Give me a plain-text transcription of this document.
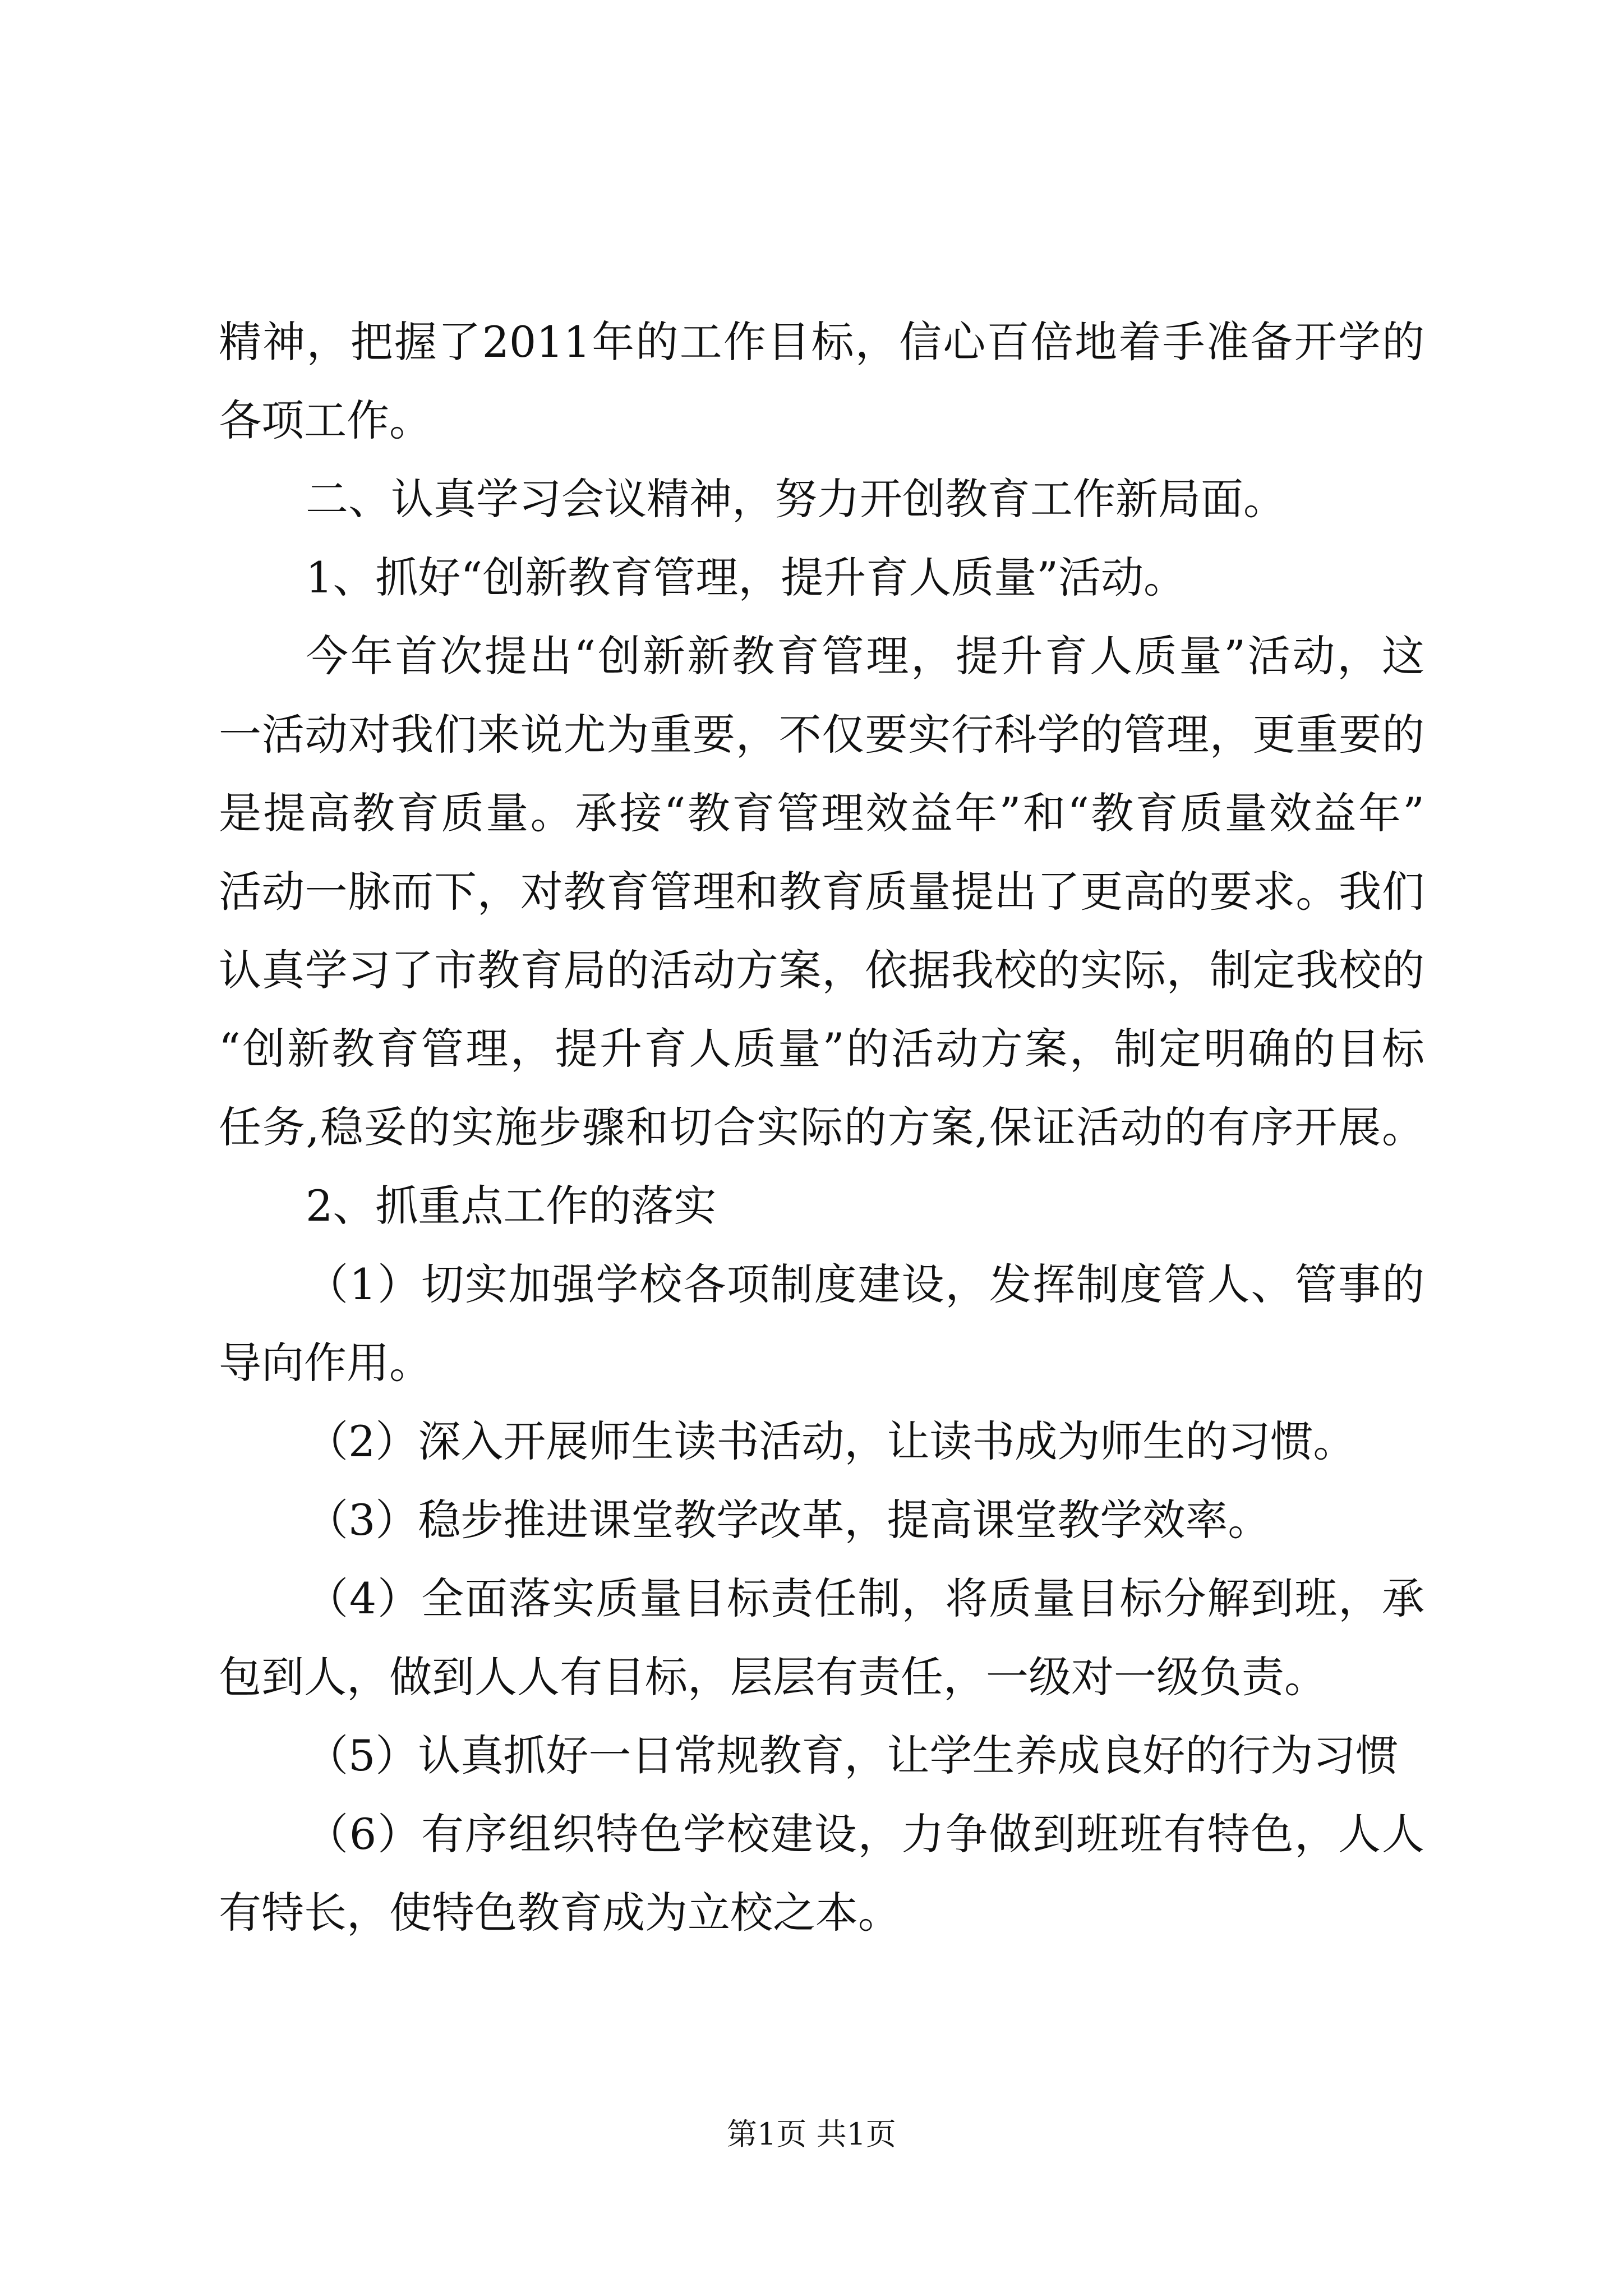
精神，把握了2011年的工作目标，信心百倍地着手准备开学的
各项工作。
二、认真学习会议精神，努力开创教育工作新局面。
1、抓好“创新教育管理，提升育人质量”活动。
今年首次提出“创新新教育管理，提升育人质量”活动，这
一活动对我们来说尤为重要，不仅要实行科学的管理，更重要的
是提高教育质量。承接“教育管理效益年”和“教育质量效益年”
活动一脉而下，对教育管理和教育质量提出了更高的要求。我们
认真学习了市教育局的活动方案，依据我校的实际，制定我校的
“创新教育管理，提升育人质量”的活动方案，制定明确的目标
任务,稳妥的实施步骤和切合实际的方案,保证活动的有序开展。
2、抓重点工作的落实
（1）切实加强学校各项制度建设，发挥制度管人、管事的
导向作用。
（2）深入开展师生读书活动，让读书成为师生的习惯。
（3）稳步推进课堂教学改革，提高课堂教学效率。
（4）全面落实质量目标责任制，将质量目标分解到班，承
包到人，做到人人有目标，层层有责任，一级对一级负责。
（5）认真抓好一日常规教育，让学生养成良好的行为习惯
（6）有序组织特色学校建设，力争做到班班有特色，人人
有特长，使特色教育成为立校之本。
第1页 共1页
